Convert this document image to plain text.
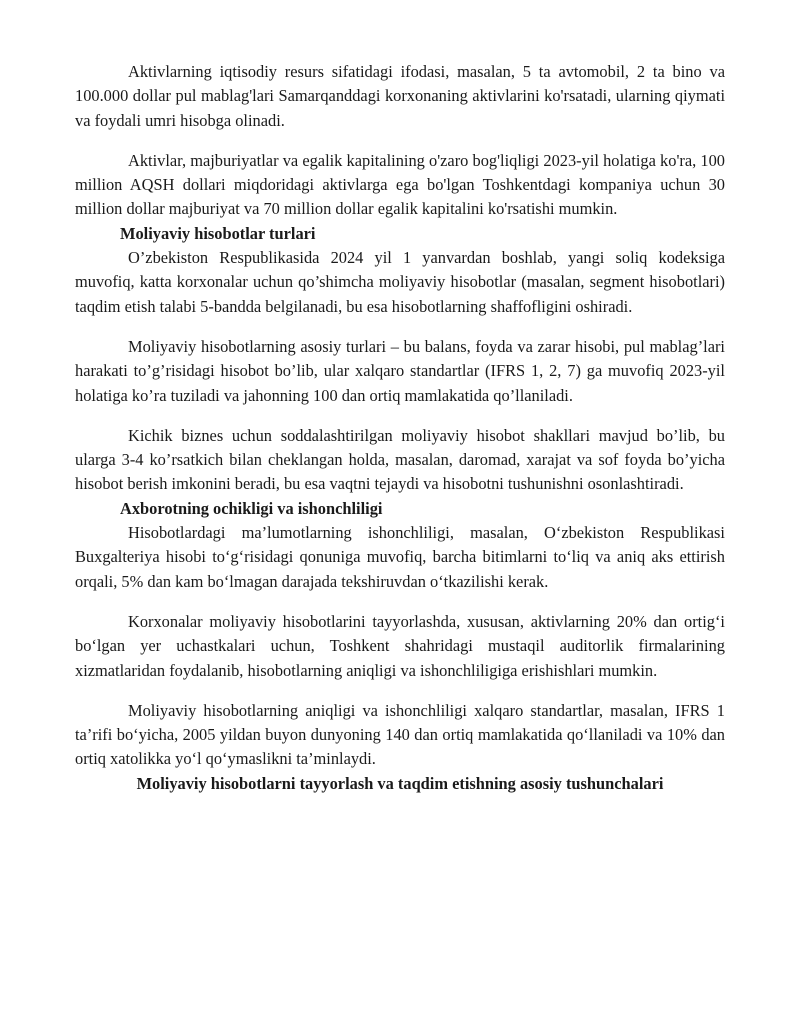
Aktivlarning iqtisodiy resurs sifatidagi ifodasi, masalan, 5 ta avtomobil, 2 ta bino va 100.000 dollar pul mablag'lari Samarqanddagi korxonaning aktivlarini ko'rsatadi, ularning qiymati va foydali umri hisobga olinadi.

Aktivlar, majburiyatlar va egalik kapitalining o'zaro bog'liqligi 2023-yil holatiga ko'ra, 100 million AQSH dollari miqdoridagi aktivlarga ega bo'lgan Toshkentdagi kompaniya uchun 30 million dollar majburiyat va 70 million dollar egalik kapitalini ko'rsatishi mumkin.

Moliyaviy hisobotlar turlari

O’zbekiston Respublikasida 2024 yil 1 yanvardan boshlab, yangi soliq kodeksiga muvofiq, katta korxonalar uchun qo’shimcha moliyaviy hisobotlar (masalan, segment hisobotlari) taqdim etish talabi 5-bandda belgilanadi, bu esa hisobotlarning shaffofligini oshiradi.

Moliyaviy hisobotlarning asosiy turlari – bu balans, foyda va zarar hisobi, pul mablag’lari harakati to’g’risidagi hisobot bo’lib, ular xalqaro standartlar (IFRS 1, 2, 7) ga muvofiq 2023-yil holatiga ko’ra tuziladi va jahonning 100 dan ortiq mamlakatida qo’llaniladi.

Kichik biznes uchun soddalashtirilgan moliyaviy hisobot shakllari mavjud bo’lib, bu ularga 3-4 ko’rsatkich bilan cheklangan holda, masalan, daromad, xarajat va sof foyda bo’yicha hisobot berish imkonini beradi, bu esa vaqtni tejaydi va hisobotni tushunishni osonlashtiradi.

Axborotning ochikligi va ishonchliligi

Hisobotlardagi ma’lumotlarning ishonchliligi, masalan, O‘zbekiston Respublikasi Buxgalteriya hisobi to‘g‘risidagi qonuniga muvofiq, barcha bitimlarni to‘liq va aniq aks ettirish orqali, 5% dan kam bo‘lmagan darajada tekshiruvdan o‘tkazilishi kerak.

Korxonalar moliyaviy hisobotlarini tayyorlashda, xususan, aktivlarning 20% dan ortig‘i bo‘lgan yer uchastkalari uchun, Toshkent shahridagi mustaqil auditorlik firmalarining xizmatlaridan foydalanib, hisobotlarning aniqligi va ishonchliligiga erishishlari mumkin.

Moliyaviy hisobotlarning aniqligi va ishonchliligi xalqaro standartlar, masalan, IFRS 1 ta’rifi bo‘yicha, 2005 yildan buyon dunyoning 140 dan ortiq mamlakatida qo‘llaniladi va 10% dan ortiq xatolikka yo‘l qo‘ymaslikni ta’minlaydi.

Moliyaviy hisobotlarni tayyorlash va taqdim etishning asosiy tushunchalari
